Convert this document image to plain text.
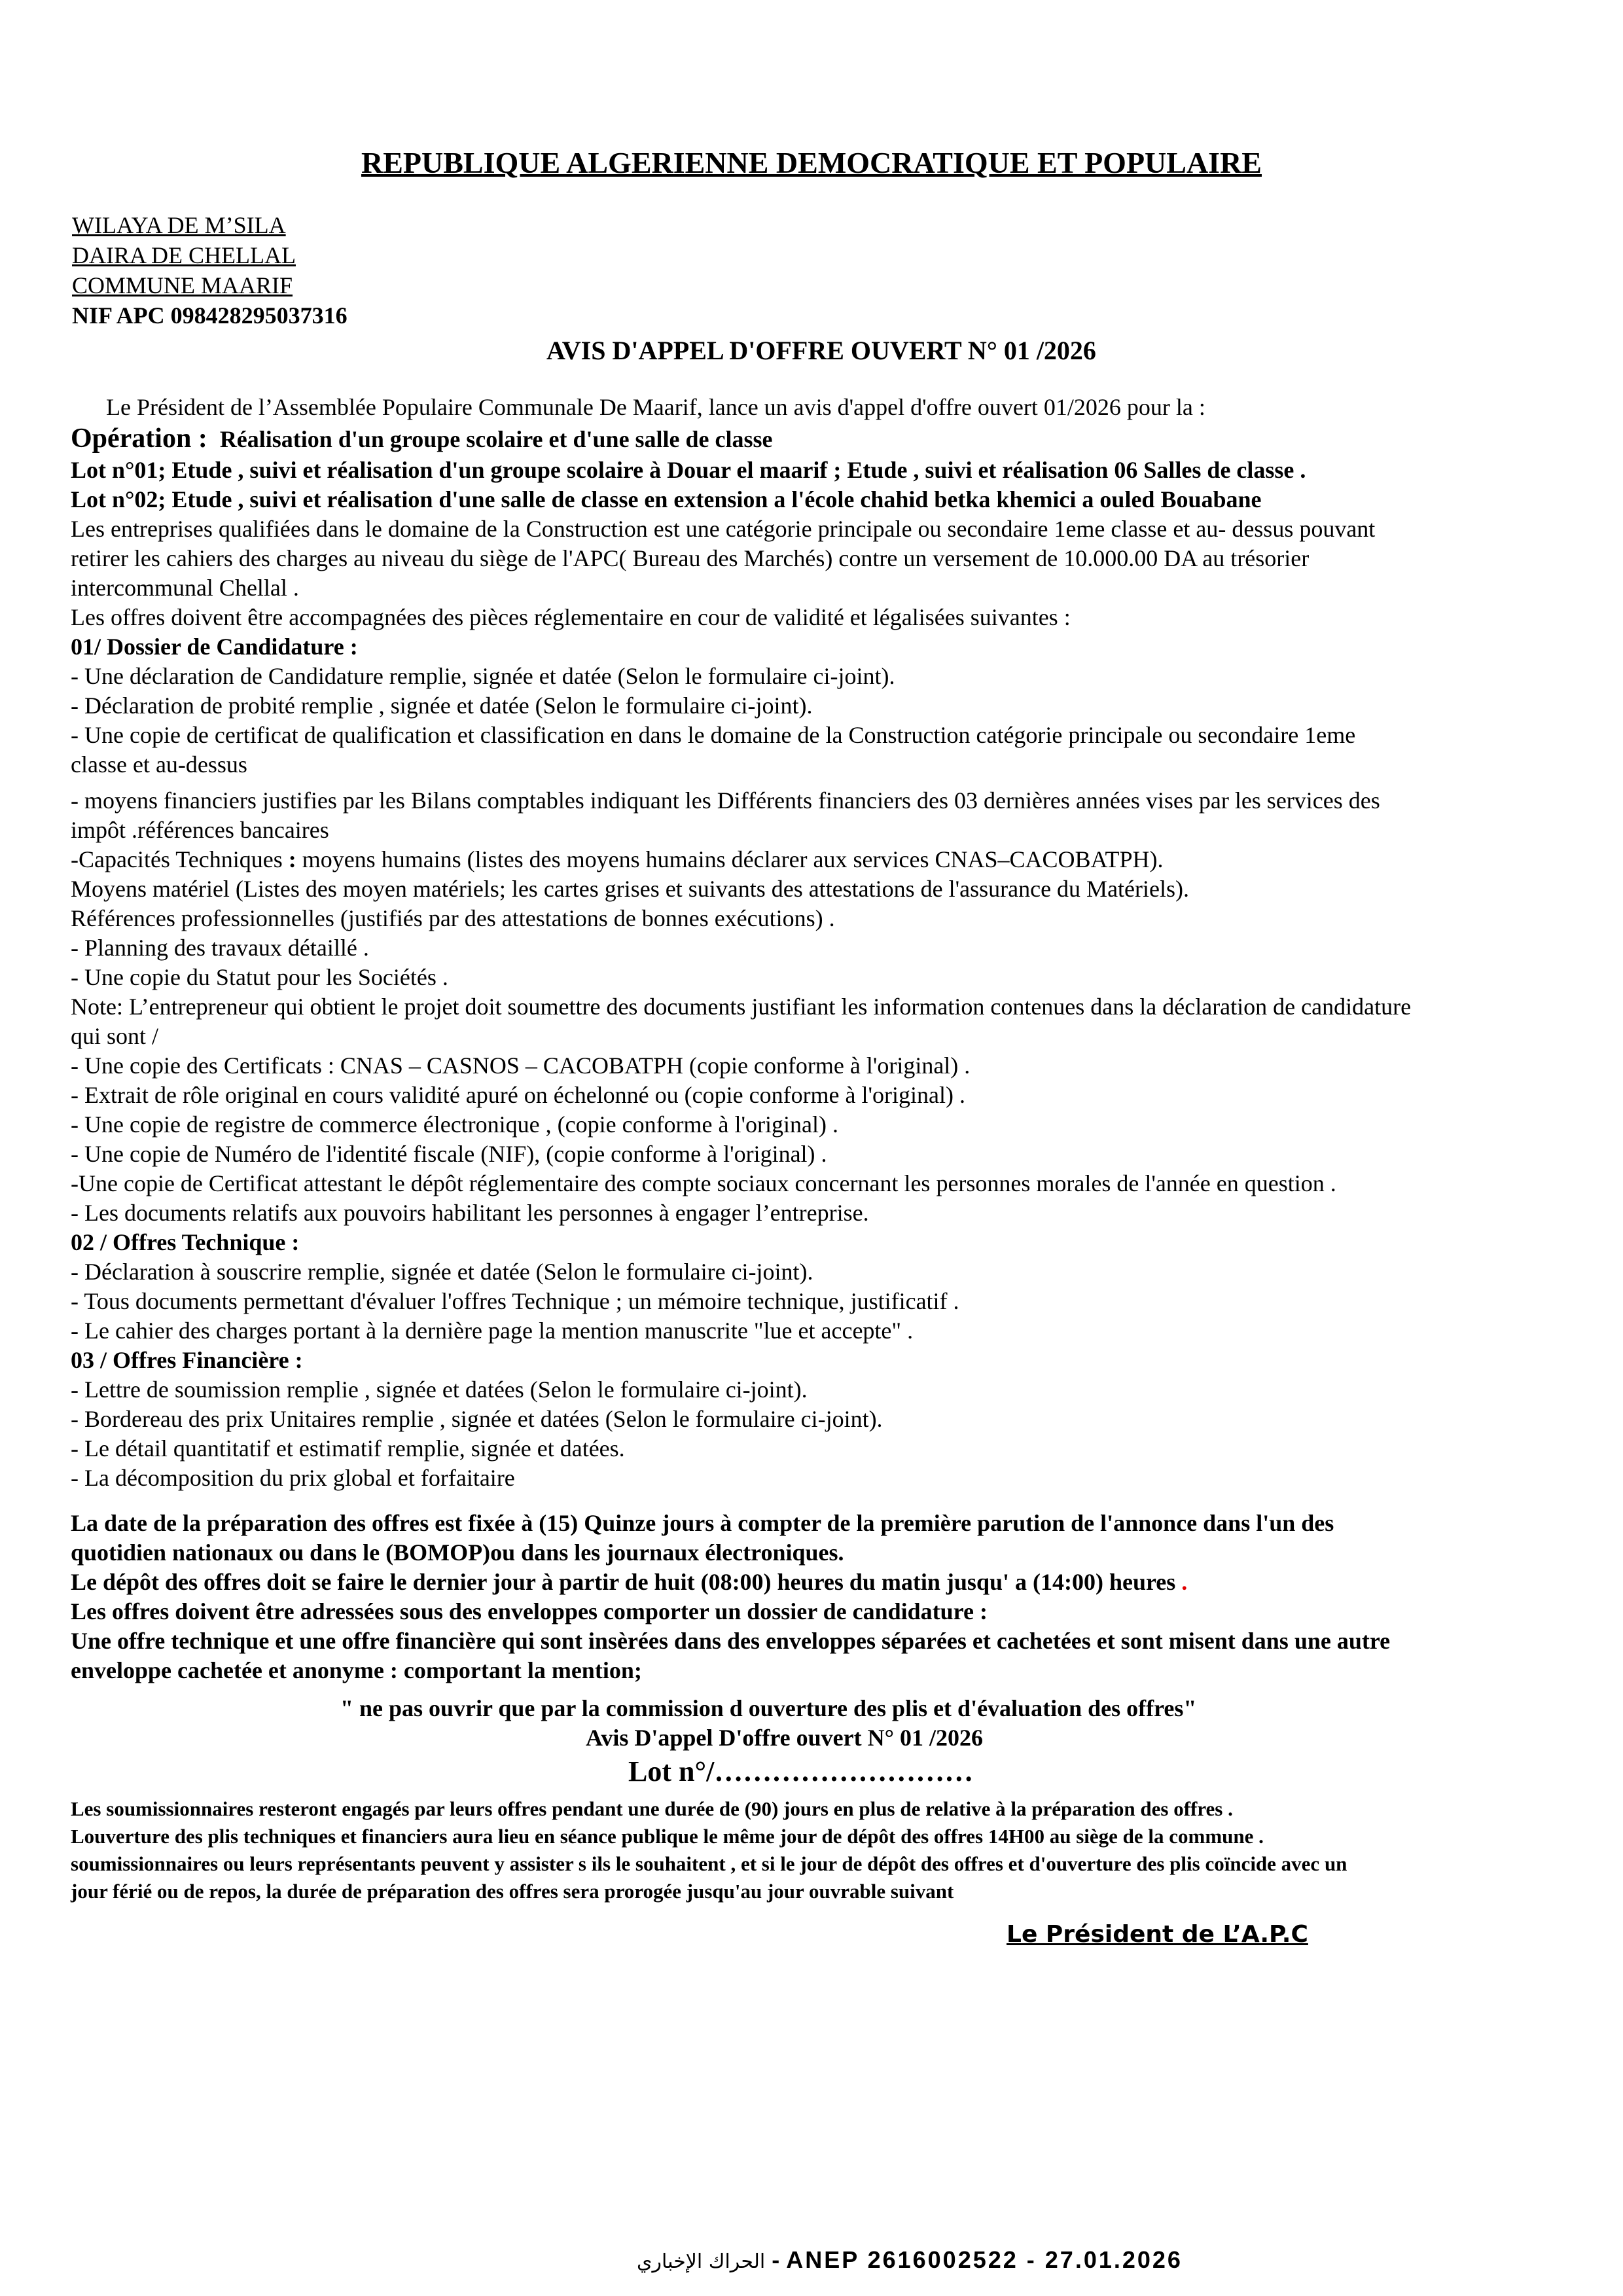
REPUBLIQUE ALGERIENNE DEMOCRATIQUE ET POPULAIRE
WILAYA DE M’SILA
DAIRA DE CHELLAL
COMMUNE MAARIF
NIF APC 098428295037316
AVIS D'APPEL D'OFFRE OUVERT N° 01 /2026
Le Président de l’Assemblée Populaire Communale De Maarif, lance un avis d'appel d'offre ouvert 01/2026 pour la :
Opération : Réalisation d'un groupe scolaire et d'une salle de classe
Lot n°01; Etude , suivi et réalisation d'un groupe scolaire à Douar el maarif ; Etude , suivi et réalisation 06 Salles de classe .
Lot n°02; Etude , suivi et réalisation d'une salle de classe en extension a l'école chahid betka khemici a ouled Bouabane
Les entreprises qualifiées dans le domaine de la Construction est une catégorie principale ou secondaire 1eme classe et au- dessus pouvant
retirer les cahiers des charges au niveau du siège de l'APC( Bureau des Marchés) contre un versement de 10.000.00 DA au trésorier
intercommunal Chellal .
Les offres doivent être accompagnées des pièces réglementaire en cour de validité et légalisées suivantes :
01/ Dossier de Candidature :
- Une déclaration de Candidature remplie, signée et datée (Selon le formulaire ci-joint).
- Déclaration de probité remplie , signée et datée (Selon le formulaire ci-joint).
- Une copie de certificat de qualification et classification en dans le domaine de la Construction catégorie principale ou secondaire 1eme
classe et au-dessus
- moyens financiers justifies par les Bilans comptables indiquant les Différents financiers des 03 dernières années vises par les services des
impôt .références bancaires
-Capacités Techniques : moyens humains (listes des moyens humains déclarer aux services CNAS–CACOBATPH).
Moyens matériel (Listes des moyen matériels; les cartes grises et suivants des attestations de l'assurance du Matériels).
Références professionnelles (justifiés par des attestations de bonnes exécutions) .
- Planning des travaux détaillé .
- Une copie du Statut pour les Sociétés .
Note: L’entrepreneur qui obtient le projet doit soumettre des documents justifiant les information contenues dans la déclaration de candidature
qui sont /
- Une copie des Certificats : CNAS – CASNOS – CACOBATPH (copie conforme à l'original) .
- Extrait de rôle original en cours validité apuré on échelonné ou (copie conforme à l'original) .
- Une copie de registre de commerce électronique , (copie conforme à l'original) .
- Une copie de Numéro de l'identité fiscale (NIF), (copie conforme à l'original) .
-Une copie de Certificat attestant le dépôt réglementaire des compte sociaux concernant les personnes morales de l'année en question .
- Les documents relatifs aux pouvoirs habilitant les personnes à engager l’entreprise.
02 / Offres Technique :
- Déclaration à souscrire remplie, signée et datée (Selon le formulaire ci-joint).
- Tous documents permettant d'évaluer l'offres Technique ; un mémoire technique, justificatif .
- Le cahier des charges portant à la dernière page la mention manuscrite "lue et accepte" .
03 / Offres Financière :
- Lettre de soumission remplie , signée et datées (Selon le formulaire ci-joint).
- Bordereau des prix Unitaires remplie , signée et datées (Selon le formulaire ci-joint).
- Le détail quantitatif et estimatif remplie, signée et datées.
- La décomposition du prix global et forfaitaire
La date de la préparation des offres est fixée à (15) Quinze jours à compter de la première parution de l'annonce dans l'un des
quotidien nationaux ou dans le (BOMOP)ou dans les journaux électroniques.
Le dépôt des offres doit se faire le dernier jour à partir de huit (08:00) heures du matin jusqu' a (14:00) heures .
Les offres doivent être adressées sous des enveloppes comporter un dossier de candidature :
Une offre technique et une offre financière qui sont insèrées dans des enveloppes séparées et cachetées et sont misent dans une autre
enveloppe cachetée et anonyme : comportant la mention;
" ne pas ouvrir que par la commission d ouverture des plis et d'évaluation des offres"
Avis D'appel D'offre ouvert N° 01 /2026
Lot n°/………………………
Les soumissionnaires resteront engagés par leurs offres pendant une durée de (90) jours en plus de relative à la préparation des offres .
Louverture des plis techniques et financiers aura lieu en séance publique le même jour de dépôt des offres 14H00 au siège de la commune .
soumissionnaires ou leurs représentants peuvent y assister s ils le souhaitent , et si le jour de dépôt des offres et d'ouverture des plis coïncide avec un
jour férié ou de repos, la durée de préparation des offres sera prorogée jusqu'au jour ouvrable suivant
Le Président de L’A.P.C
الحراك الإخباري - ANEP 2616002522 - 27.01.2026
